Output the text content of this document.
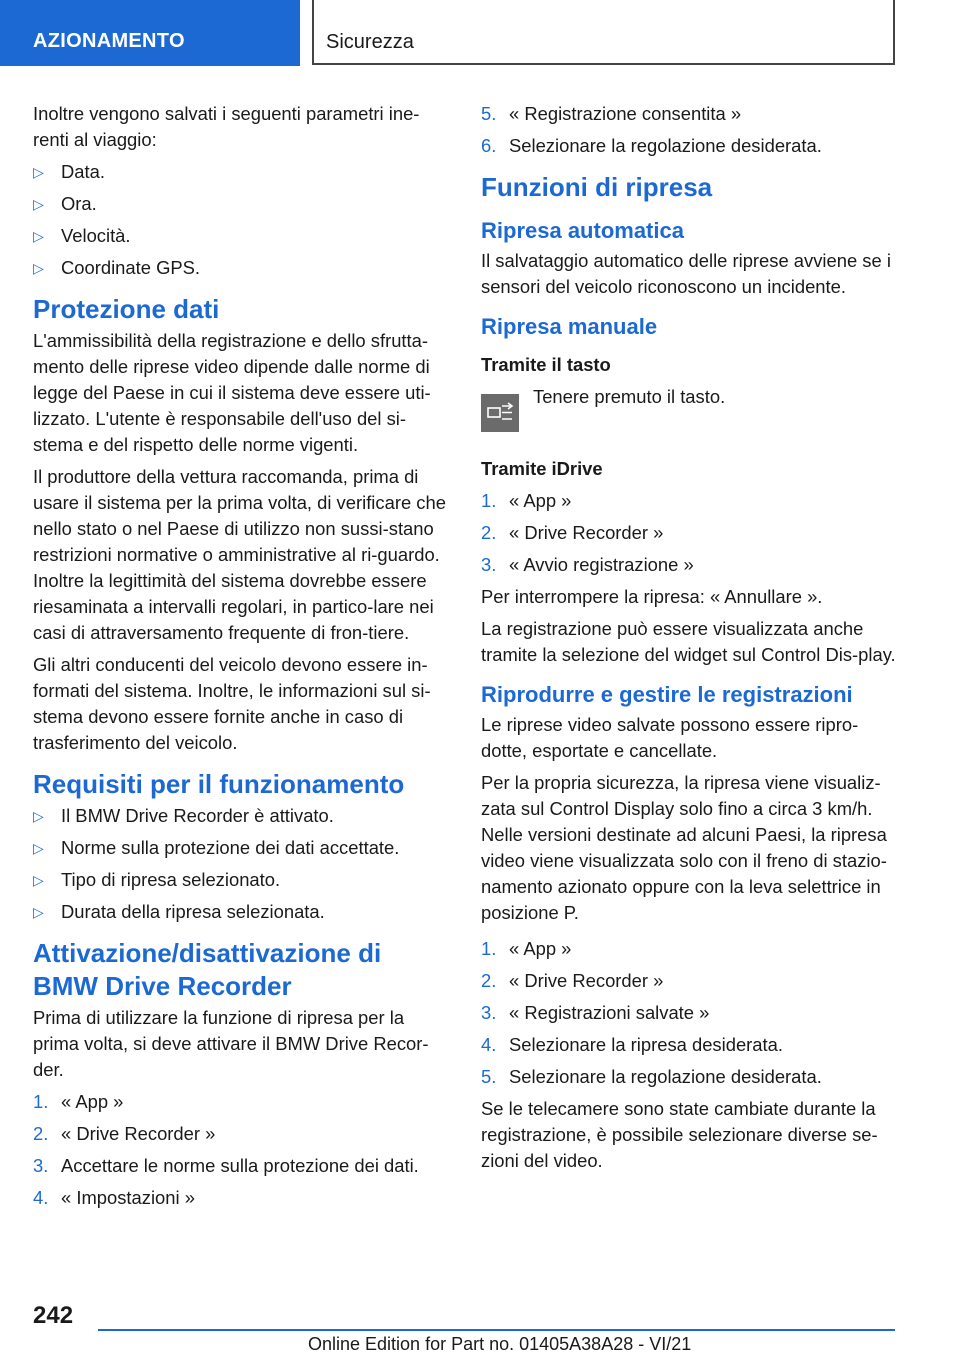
AZIONAMENTO	Sicurezza

Inoltre vengono salvati i seguenti parametri ine-renti al viaggio:

▷ Data.
▷ Ora.
▷ Velocità.
▷ Coordinate GPS.
Protezione dati

L'ammissibilità della registrazione e dello sfrutta-mento delle riprese video dipende dalle norme di legge del Paese in cui il sistema deve essere uti-lizzato. L'utente è responsabile dell'uso del si-stema e del rispetto delle norme vigenti.

Il produttore della vettura raccomanda, prima di usare il sistema per la prima volta, di verificare che nello stato o nel Paese di utilizzo non sussi-stano restrizioni normative o amministrative al ri-guardo. Inoltre la legittimità del sistema dovrebbe essere riesaminata a intervalli regolari, in partico-lare nei casi di attraversamento frequente di fron-tiere.

Gli altri conducenti del veicolo devono essere in-formati del sistema. Inoltre, le informazioni sul si-stema devono essere fornite anche in caso di trasferimento del veicolo.

Requisiti per il funzionamento
▷ Il BMW Drive Recorder è attivato.
▷ Norme sulla protezione dei dati accettate.
▷ Tipo di ripresa selezionato.
▷ Durata della ripresa selezionata.
Attivazione/disattivazione di
BMW Drive Recorder

Prima di utilizzare la funzione di ripresa per la prima volta, si deve attivare il BMW Drive Recor-der.

1. « App »
2. « Drive Recorder »
3. Accettare le norme sulla protezione dei dati.
4. « Impostazioni »
5. « Registrazione consentita »
6. Selezionare la regolazione desiderata.
Funzioni di ripresa
Ripresa automatica

Il salvataggio automatico delle riprese avviene se i sensori del veicolo riconoscono un incidente.

Ripresa manuale
Tramite il tasto
Tenere premuto il tasto.
Tramite iDrive
1. « App »
2. « Drive Recorder »
3. « Avvio registrazione »

Per interrompere la ripresa: « Annullare ».

La registrazione può essere visualizzata anche tramite la selezione del widget sul Control Dis-play.

Riprodurre e gestire le registrazioni

Le riprese video salvate possono essere ripro-dotte, esportate e cancellate.

Per la propria sicurezza, la ripresa viene visualiz-zata sul Control Display solo fino a circa 3 km/h. Nelle versioni destinate ad alcuni Paesi, la ripresa video viene visualizzata solo con il freno di stazio-namento azionato oppure con la leva selettrice in posizione P.

1. « App »
2. « Drive Recorder »
3. « Registrazioni salvate »
4. Selezionare la ripresa desiderata.
5. Selezionare la regolazione desiderata.

Se le telecamere sono state cambiate durante la registrazione, è possibile selezionare diverse se-zioni del video.

242
Online Edition for Part no. 01405A38A28 - VI/21
